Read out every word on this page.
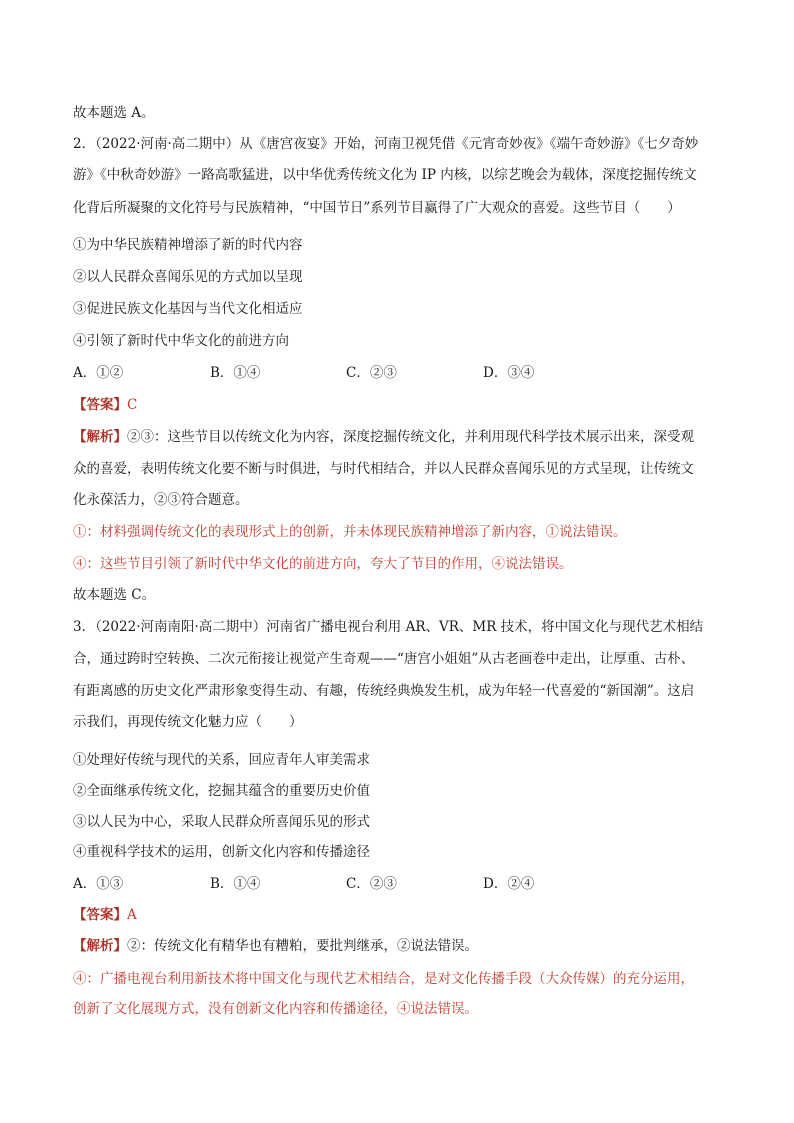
故本题选 A。
2．（2022·河南·高二期中）从《唐宫夜宴》开始，河南卫视凭借《元宵奇妙夜》《端午奇妙游》《七夕奇妙
游》《中秋奇妙游》一路高歌猛进，以中华优秀传统文化为 IP 内核，以综艺晚会为载体，深度挖掘传统文
化背后所凝聚的文化符号与民族精神，“中国节日”系列节目赢得了广大观众的喜爱。这些节目（　　）
①为中华民族精神增添了新的时代内容
②以人民群众喜闻乐见的方式加以呈现
③促进民族文化基因与当代文化相适应
④引领了新时代中华文化的前进方向
A．①②	B．①④	C．②③	D．③④
【答案】C
【解析】②③：这些节目以传统文化为内容，深度挖掘传统文化，并利用现代科学技术展示出来，深受观
众的喜爱，表明传统文化要不断与时俱进，与时代相结合，并以人民群众喜闻乐见的方式呈现，让传统文
化永葆活力，②③符合题意。
①：材料强调传统文化的表现形式上的创新，并未体现民族精神增添了新内容，①说法错误。
④：这些节目引领了新时代中华文化的前进方向，夸大了节目的作用，④说法错误。
故本题选 C。
3．（2022·河南南阳·高二期中）河南省广播电视台利用 AR、VR、MR 技术，将中国文化与现代艺术相结
合，通过跨时空转换、二次元衔接让视觉产生奇观——“唐宫小姐姐”从古老画卷中走出，让厚重、古朴、
有距离感的历史文化严肃形象变得生动、有趣，传统经典焕发生机，成为年轻一代喜爱的“新国潮”。这启
示我们，再现传统文化魅力应（　　）
①处理好传统与现代的关系，回应青年人审美需求
②全面继承传统文化，挖掘其蕴含的重要历史价值
③以人民为中心，采取人民群众所喜闻乐见的形式
④重视科学技术的运用，创新文化内容和传播途径
A．①③	B．①④	C．②③	D．②④
【答案】A
【解析】②：传统文化有精华也有糟粕，要批判继承，②说法错误。
④：广播电视台利用新技术将中国文化与现代艺术相结合，是对文化传播手段（大众传媒）的充分运用，
创新了文化展现方式，没有创新文化内容和传播途径，④说法错误。
